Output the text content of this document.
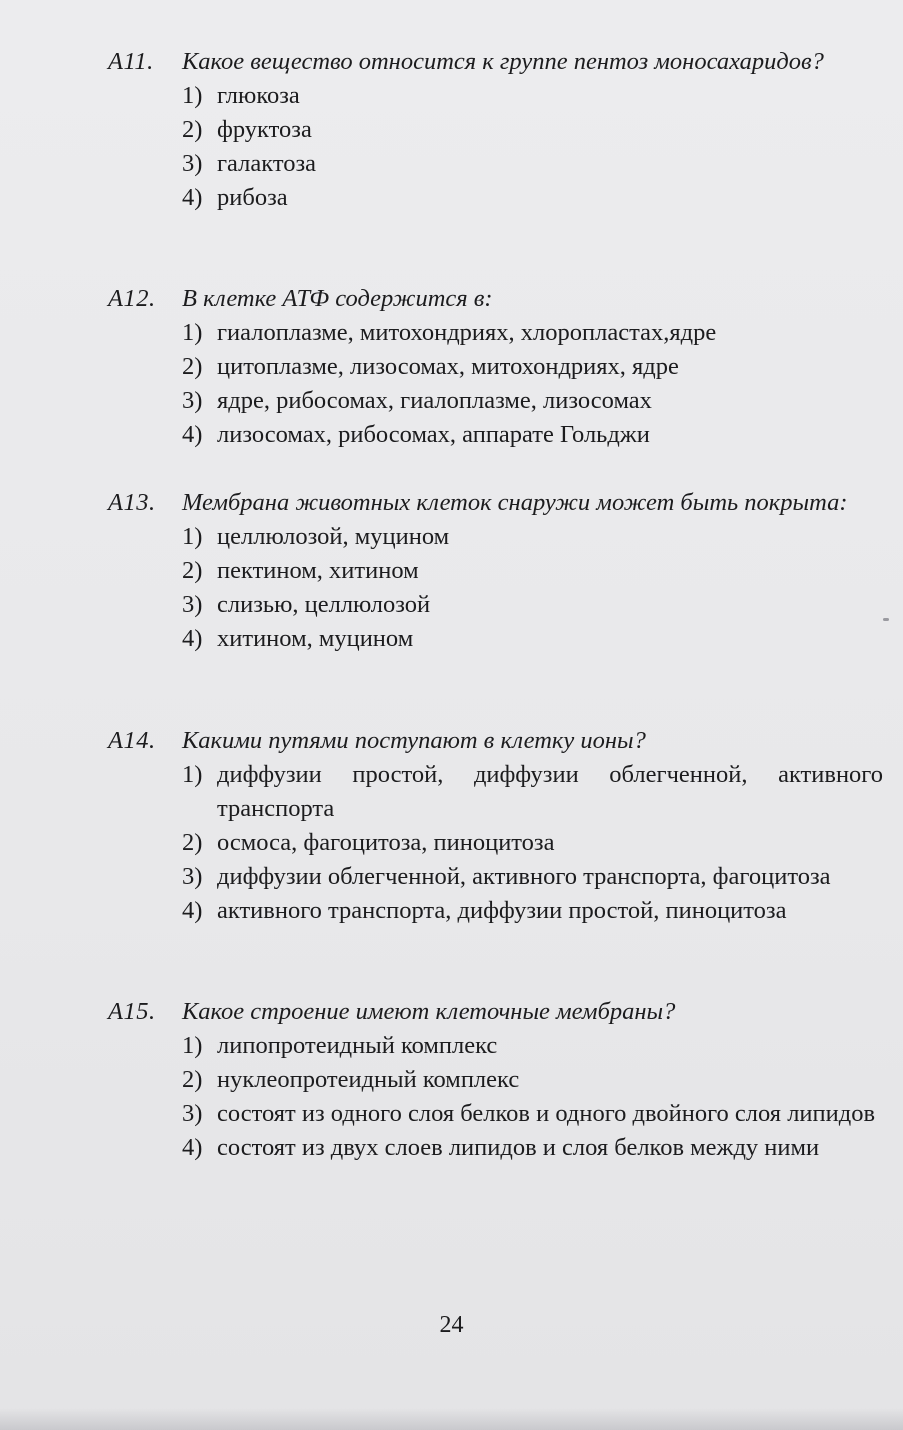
А11.	Какое вещество относится к группе пентоз моносахаридов?
1) глюкоза
2) фруктоза
3) галактоза
4) рибоза
А12.	В клетке АТФ содержится в:
1) гиалоплазме, митохондриях, хлоропластах,ядре
2) цитоплазме, лизосомах, митохондриях, ядре
3) ядре, рибосомах, гиалоплазме, лизосомах
4) лизосомах, рибосомах, аппарате Гольджи
А13.	Мембрана животных клеток снаружи может быть покрыта:
1) целлюлозой, муцином
2) пектином, хитином
3) слизью, целлюлозой
4) хитином, муцином
А14.	Какими путями поступают в клетку ионы?
1) диффузии простой, диффузии облегченной, активного транспорта
2) осмоса, фагоцитоза, пиноцитоза
3) диффузии облегченной, активного транспорта, фагоцитоза
4) активного транспорта, диффузии простой, пиноцитоза
А15.	Какое строение имеют клеточные мембраны?
1) липопротеидный комплекс
2) нуклеопротеидный комплекс
3) состоят из одного слоя белков и одного двойного слоя липидов
4) состоят из двух слоев липидов и слоя белков между ними
24
